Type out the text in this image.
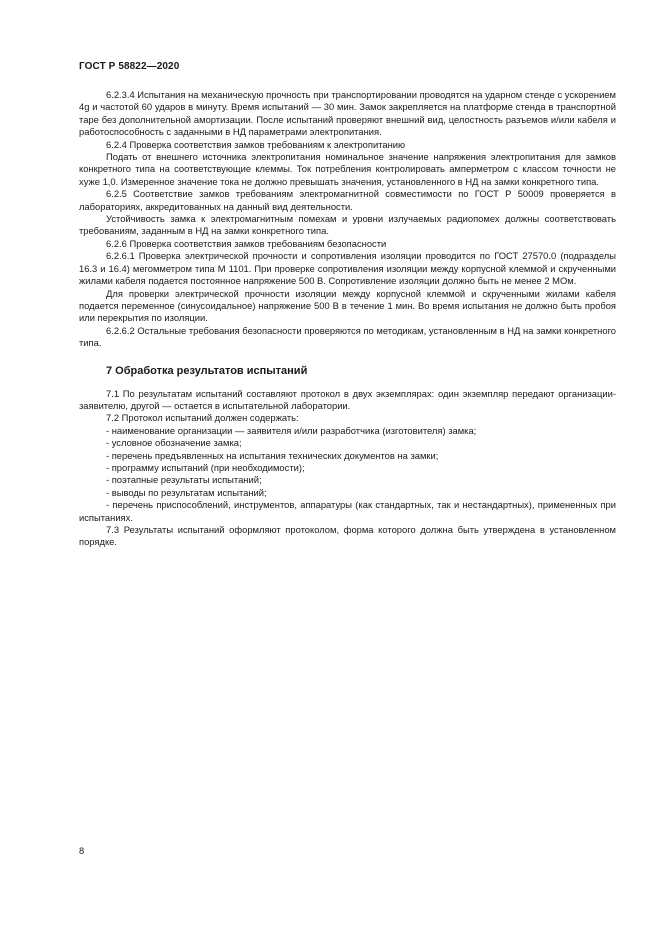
ГОСТ Р 58822—2020

6.2.3.4 Испытания на механическую прочность при транспортировании проводятся на ударном стенде с ускорением 4g и частотой 60 ударов в минуту. Время испытаний — 30 мин. Замок закрепляется на платформе стенда в транспортной таре без дополнительной амортизации. После испытаний проверяют внешний вид, целостность разъемов и/или кабеля и работоспособность с заданными в НД параметрами электропитания.

6.2.4 Проверка соответствия замков требованиям к электропитанию

Подать от внешнего источника электропитания номинальное значение напряжения электропитания для замков конкретного типа на соответствующие клеммы. Ток потребления контролировать амперметром с классом точности не хуже 1,0. Измеренное значение тока не должно превышать значения, установленного в НД на замки конкретного типа.

6.2.5 Соответствие замков требованиям электромагнитной совместимости по ГОСТ Р 50009 проверяется в лабораториях, аккредитованных на данный вид деятельности.

Устойчивость замка к электромагнитным помехам и уровни излучаемых радиопомех должны соответствовать требованиям, заданным в НД на замки конкретного типа.

6.2.6 Проверка соответствия замков требованиям безопасности

6.2.6.1 Проверка электрической прочности и сопротивления изоляции проводится по ГОСТ 27570.0 (подразделы 16.3 и 16.4) мегомметром типа М 1101. При проверке сопротивления изоляции между корпусной клеммой и скрученными жилами кабеля подается постоянное напряжение 500 В. Сопротивление изоляции должно быть не менее 2 МОм.

Для проверки электрической прочности изоляции между корпусной клеммой и скрученными жилами кабеля подается переменное (синусоидальное) напряжение 500 В в течение 1 мин. Во время испытания не должно быть пробоя или перекрытия по изоляции.

6.2.6.2 Остальные требования безопасности проверяются по методикам, установленным в НД на замки конкретного типа.

7 Обработка результатов испытаний

7.1 По результатам испытаний составляют протокол в двух экземплярах: один экземпляр передают организации-заявителю, другой — остается в испытательной лаборатории.

7.2 Протокол испытаний должен содержать:

- наименование организации — заявителя и/или разработчика (изготовителя) замка;

- условное обозначение замка;

- перечень предъявленных на испытания технических документов на замки;

- программу испытаний (при необходимости);

- поэтапные результаты испытаний;

- выводы по результатам испытаний;

- перечень приспособлений, инструментов, аппаратуры (как стандартных, так и нестандартных), примененных при испытаниях.

7.3 Результаты испытаний оформляют протоколом, форма которого должна быть утверждена в установленном порядке.

8
